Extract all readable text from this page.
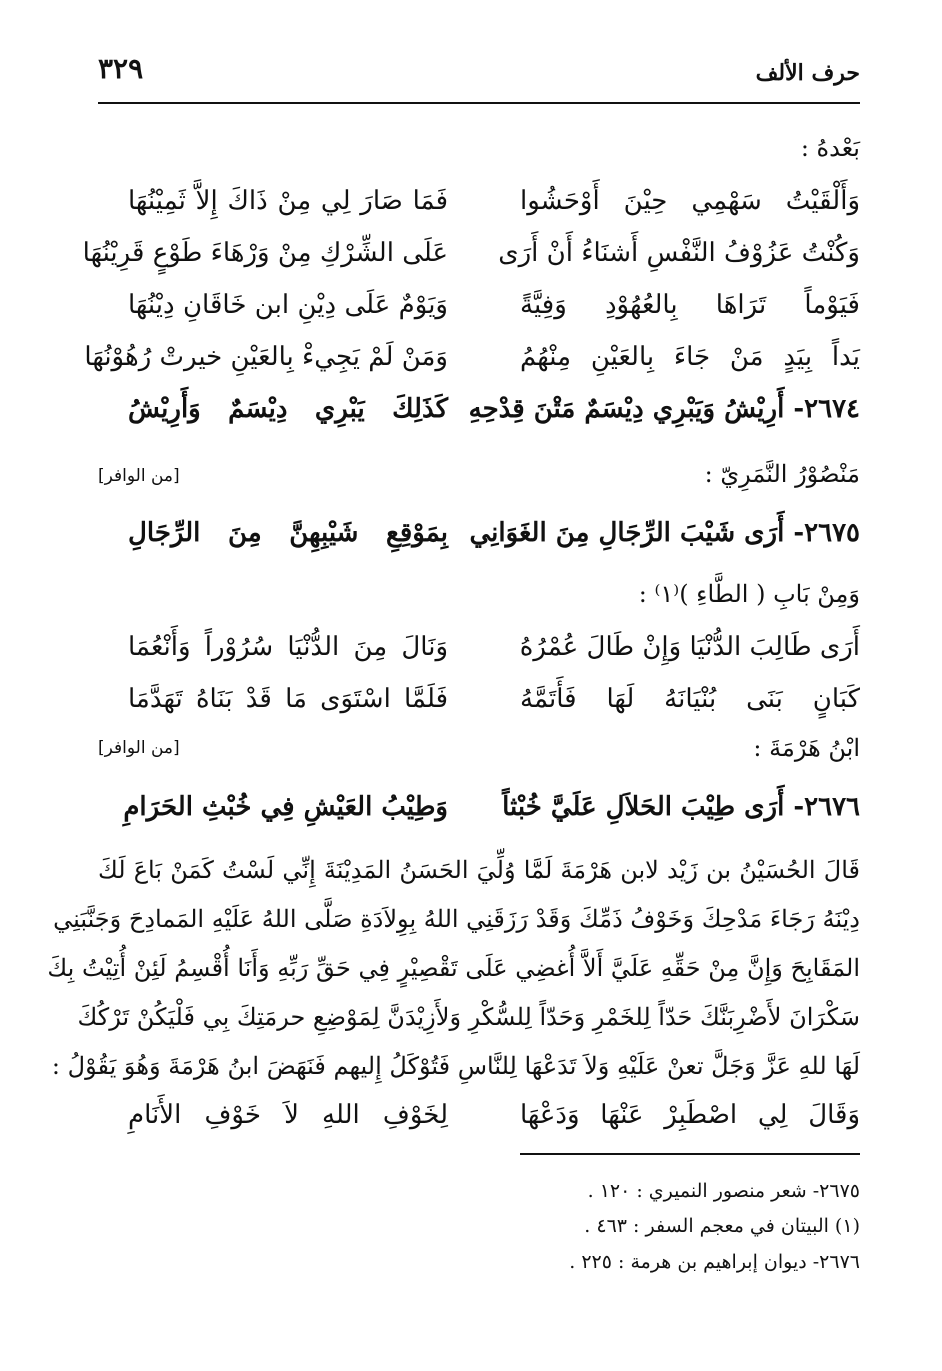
حرف الألف
٣٢٩
بَعْدهُ :
وَأَلْقَيْتُ سَهْمِي حِيْنَ أَوْحَشُوا
فَمَا صَارَ لِي مِنْ ذَاكَ إِلاَّ ثَمِيْنُهَا
وَكُنْتُ عَزُوْفُ النَّفْسِ أَشنَاءُ أَنْ أَرَى
عَلَى الشِّرْكِ مِنْ وَرْهَاءَ طَوْعٍ قَرِيْنُهَا
فَيَوْماً تَرَاهَا بِالعُهُوْدِ وَفِيَّةً
وَيَوْمٌ عَلَى دِيْنِ ابن خَاقَانِ دِيْنُهَا
يَداً بِيَدٍ مَنْ جَاءَ بِالعَيْنِ مِنْهُمُ
وَمَنْ لَمْ يَجِيءْ بِالعَيْنِ خيرتْ رُهُوْنُهَا
٢٦٧٤- أَرِيْشُ وَيَبْرِي دِيْسَمٌ مَتْنَ قِدْحِهِ
كَذَلِكَ يَبْرِي دِيْسَمٌ وَأَرِيْشُ
مَنْصُوْرُ النَّمَرِيّ :
[من الوافر]
٢٦٧٥- أَرَى شَيْبَ الرِّجَالِ مِنَ الغَوَانِي
بِمَوْقِعِ شَيْبِهِنَّ مِنَ الرِّجَالِ
وَمِنْ بَابِ ( الطَّاءِ )⁽١⁾ :
أَرَى طَالِبَ الدُّنْيَا وَإِنْ طَالَ عُمْرُهُ
وَنَالَ مِنَ الدُّنْيَا سُرُوْراً وَأَنْعُمَا
كَبَانٍ بَنَى بُنْيَانَهُ لَهَا فَأَتَمَّهُ
فَلَمَّا اسْتَوَى مَا قَدْ بَنَاهُ تَهَدَّمَا
ابْنُ هَرْمَةَ :
[من الوافر]
٢٦٧٦- أَرَى طِيْبَ الحَلاَلِ عَلَيَّ خُبْثاً
وَطِيْبُ العَيْشِ فِي خُبْثِ الحَرَامِ
قَالَ الحُسَيْنُ بن زَيْد لابن هَرْمَةَ لَمَّا وُلِّيَ الحَسَنُ المَدِيْنَةَ إِنِّي لَسْتُ كَمَنْ بَاعَ لَكَ
دِيْنَهُ رَجَاءَ مَدْحِكَ وَخَوْفُ ذَمِّكَ وَقَدْ رَزَقَنِي اللهُ بِوِلاَدَةِ صَلَّى اللهُ عَلَيْهِ المَمادِحَ وَجَنَّبَنِي
المَقَابِحَ وَإِنَّ مِنْ حَقِّهِ عَلَيَّ أَلاَّ أُغضِي عَلَى تَقْصِيْرٍ فِي حَقِّ رَبِّهِ وَأَنَا أُقْسِمُ لَئِنْ أُتِيْتُ بِكَ
سَكْرَانَ لأَضْرِبَنَّكَ حَدّاً لِلخَمْرِ وَحَدّاً لِلسُّكْرِ وَلأَزِيْدَنَّ لِمَوْضِعِ حرمَتِكَ بِي فَلْيَكُنْ تَرْكُكَ
لَهَا للهِ عَزَّ وَجَلَّ تعنْ عَلَيْهِ وَلاَ تَدَعْهَا لِلنَّاسِ فَتُوْكَلُ إِليهم فَنَهَضَ ابنُ هَرْمَةَ وَهُوَ يَقُوْلُ :
وَقَالَ لِي اصْطَبِرْ عَنْهَا وَدَعْهَا
لِخَوْفِ اللهِ لاَ خَوْفِ الأَنَامِ
٢٦٧٥- شعر منصور النميري : ١٢٠ .
(١) البيتان في معجم السفر : ٤٦٣ .
٢٦٧٦- ديوان إبراهيم بن هرمة : ٢٢٥ .
